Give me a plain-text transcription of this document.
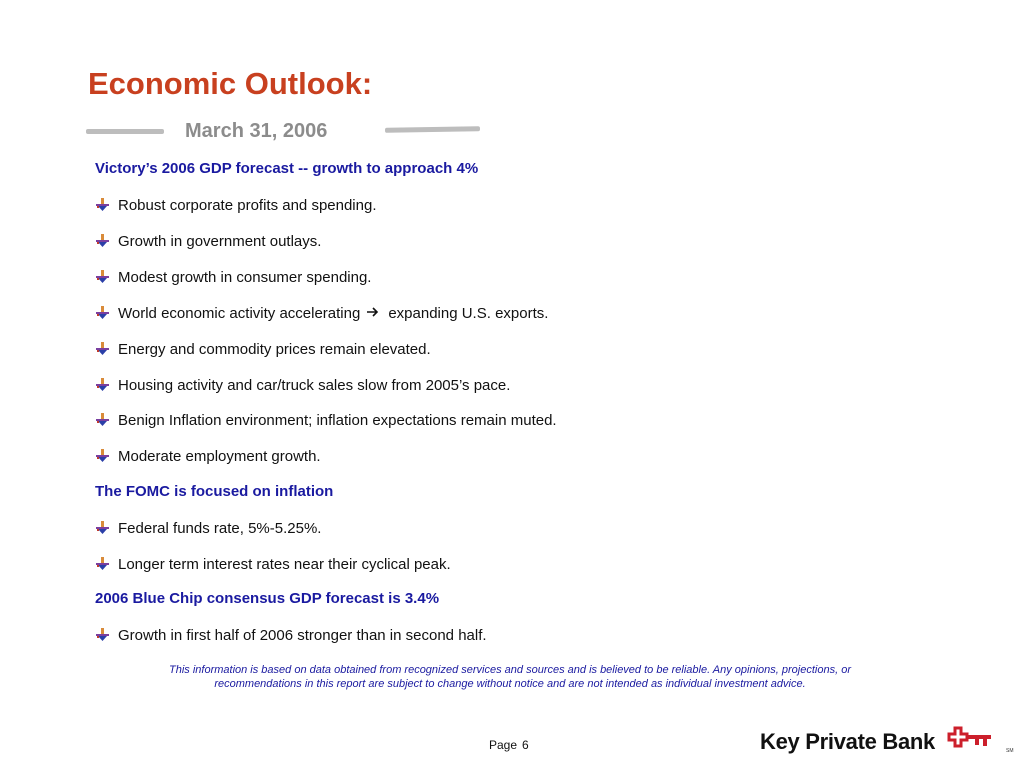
Economic Outlook:
March 31, 2006
Victory’s 2006 GDP forecast -- growth to approach 4%
Robust corporate profits and spending.
Growth in government outlays.
Modest growth in consumer spending.
World economic activity accelerating expanding U.S. exports.
Energy and commodity prices remain elevated.
Housing activity and car/truck sales slow from 2005’s pace.
Benign Inflation environment; inflation expectations remain muted.
Moderate employment growth.
The FOMC is focused on inflation
Federal funds rate, 5%-5.25%.
Longer term interest rates near their cyclical peak.
2006 Blue Chip consensus GDP forecast is 3.4%
Growth in first half of 2006 stronger than in second half.
This information is based on data obtained from recognized services and sources and is believed to be reliable. Any opinions, projections, or recommendations in this report are subject to change without notice and are not intended as individual investment advice.
Page 6	Key Private Bank	SM
